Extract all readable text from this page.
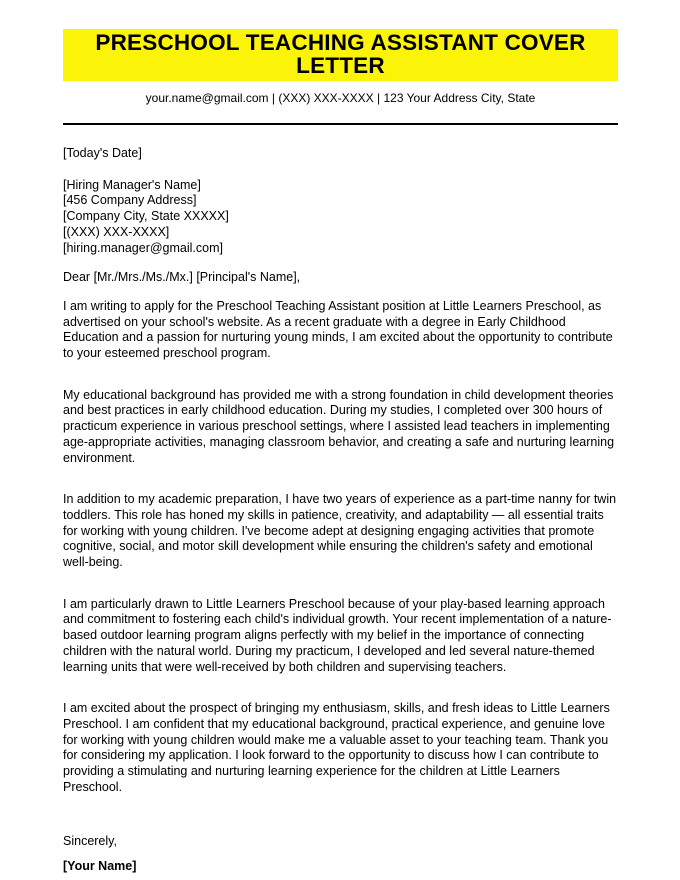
PRESCHOOL TEACHING ASSISTANT COVER LETTER
your.name@gmail.com | (XXX) XXX-XXXX | 123 Your Address City, State
[Today's Date]
[Hiring Manager's Name]
[456 Company Address]
[Company City, State XXXXX]
[(XXX) XXX-XXXX]
[hiring.manager@gmail.com]
Dear [Mr./Mrs./Ms./Mx.] [Principal's Name],

I am writing to apply for the Preschool Teaching Assistant position at Little Learners Preschool, as advertised on your school's website. As a recent graduate with a degree in Early Childhood Education and a passion for nurturing young minds, I am excited about the opportunity to contribute to your esteemed preschool program.

My educational background has provided me with a strong foundation in child development theories and best practices in early childhood education. During my studies, I completed over 300 hours of practicum experience in various preschool settings, where I assisted lead teachers in implementing age-appropriate activities, managing classroom behavior, and creating a safe and nurturing learning environment.

In addition to my academic preparation, I have two years of experience as a part-time nanny for twin toddlers. This role has honed my skills in patience, creativity, and adaptability — all essential traits for working with young children. I've become adept at designing engaging activities that promote cognitive, social, and motor skill development while ensuring the children's safety and emotional well-being.

I am particularly drawn to Little Learners Preschool because of your play-based learning approach and commitment to fostering each child's individual growth. Your recent implementation of a nature-based outdoor learning program aligns perfectly with my belief in the importance of connecting children with the natural world. During my practicum, I developed and led several nature-themed learning units that were well-received by both children and supervising teachers.

I am excited about the prospect of bringing my enthusiasm, skills, and fresh ideas to Little Learners Preschool. I am confident that my educational background, practical experience, and genuine love for working with young children would make me a valuable asset to your teaching team. Thank you for considering my application. I look forward to the opportunity to discuss how I can contribute to providing a stimulating and nurturing learning experience for the children at Little Learners Preschool.

Sincerely,
[Your Name]
